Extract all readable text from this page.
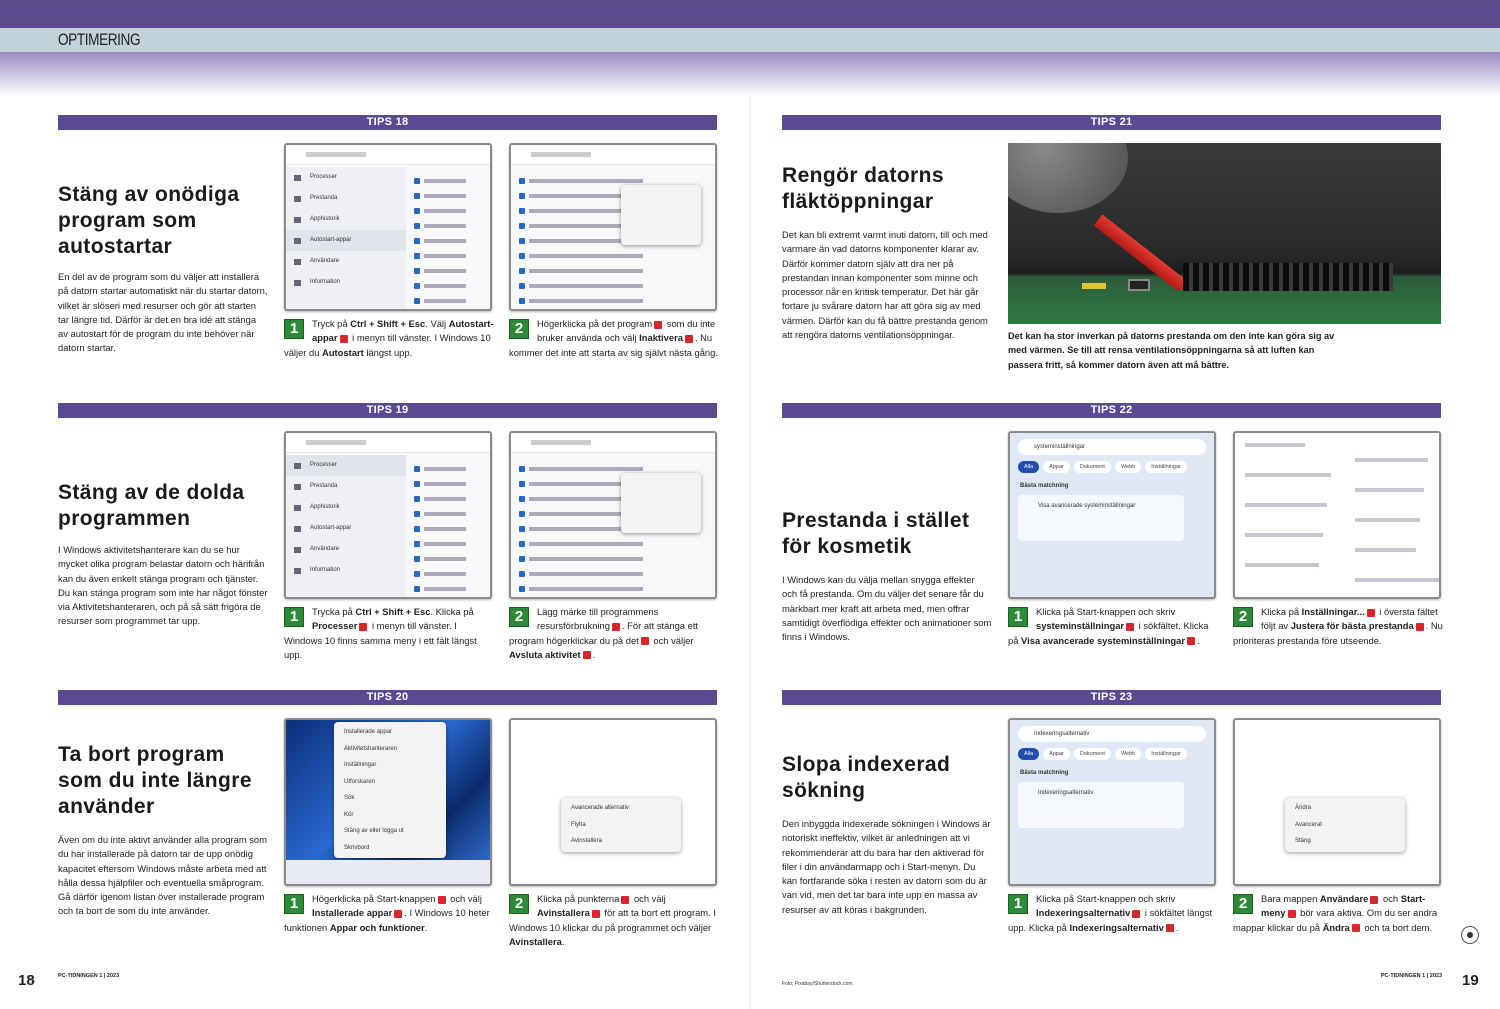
OPTIMERING
TIPS 18
Stäng av onödiga program som autostartar
En del av de program som du väljer att installera på datorn startar automatiskt när du startar datorn, vilket är slöseri med resurser och gör att starten tar längre tid. Därför är det en bra idé att stänga av autostart för de program du inte behöver när datorn startar.
Processer
Prestanda
Apphistorik
Autostart-appar
Användare
Information
1	Tryck på Ctrl + Shift + Esc. Välj Autostart-appar i menyn till vänster. I Windows 10 väljer du Autostart längst upp.
2	Högerklicka på det program som du inte bruker använda och välj Inaktivera . Nu kommer det inte att starta av sig självt nästa gång.
TIPS 19
Stäng av de dolda programmen
I Windows aktivitetshanterare kan du se hur mycket olika program belastar datorn och härifrån kan du även enkelt stänga program och tjänster. Du kan stänga program som inte har något fönster via Aktivitetshanteraren, och på så sätt frigöra de resurser som programmet tar upp.
Processer
Prestanda
Apphistorik
Autostart-appar
Användare
Information
1	Trycka på Ctrl + Shift + Esc. Klicka på Processer i menyn till vänster. I Windows 10 finns samma meny i ett fält längst upp.
2	Lägg märke till programmens resursförbrukning . För att stänga ett program högerklickar du på det och väljer Avsluta aktivitet .
TIPS 20
Ta bort program som du inte längre använder
Även om du inte aktivt använder alla program som du har installerade på datorn tar de upp onödig kapacitet eftersom Windows måste arbeta med att hålla dessa hjälpfiler och eventuella småprogram. Gå därför igenom listan över installerade program och ta bort de som du inte använder.
Installerade appar
Aktivitetshanteraren
Inställningar
Utforskaren
Sök
Kör
Stäng av eller logga ut
Skrivbord
Avancerade alternativ
Flytta
Avinstallera
1	Högerklicka på Start-knappen och välj Installerade appar . I Windows 10 heter funktionen Appar och funktioner.
2	Klicka på punkterna och välj Avinstallera för att ta bort ett program. I Windows 10 klickar du på programmet och väljer Avinstallera.
TIPS 21
Rengör datorns fläktöppningar
Det kan bli extremt varmt inuti datorn, till och med varmare än vad datorns komponenter klarar av. Därför kommer datorn själv att dra ner på prestandan innan komponenter som minne och processor når en kritisk temperatur. Det här går fortare ju svårare datorn har att göra sig av med värmen. Därför kan du få bättre prestanda genom att rengöra datorns ventilationsöppningar.	Det kan ha stor inverkan på datorns prestanda om den inte kan göra sig av med värmen. Se till att rensa ventilationsöppningarna så att luften kan passera fritt, så kommer datorn även att må bättre.
TIPS 22
Prestanda i stället för kosmetik
I Windows kan du välja mellan snygga effekter och få prestanda. Om du väljer det senare får du märkbart mer kraft att arbeta med, men offrar samtidigt överflödiga effekter och animationer som finns i Windows.
systeminställningar
Alla	Appar	Dokument	Webb	Inställningar
Bästa matchning
Visa avancerade systeminställningar
1	Klicka på Start-knappen och skriv systeminställningar i sökfältet. Klicka på Visa avancerade systeminställningar .
2	Klicka på Inställningar... i översta fältet följt av Justera för bästa prestanda . Nu prioriteras prestanda före utseende.
TIPS 23
Slopa indexerad sökning
Den inbyggda indexerade sökningen i Windows är notoriskt ineffektiv, vilket är anledningen att vi rekommenderar att du bara har den aktiverad för filer i din användarmapp och i Start-menyn. Du kan fortfarande söka i resten av datorn som du är van vid, men det tar bara inte upp en massa av resurser av att köras i bakgrunden.
Indexeringsalternativ
Alla	Appar	Dokument	Webb	Inställningar
Bästa matchning
Indexeringsalternativ
Ändra
Avancerat
Stäng
1	Klicka på Start-knappen och skriv Indexeringsalternativ i sökfältet längst upp. Klicka på Indexeringsalternativ .
2	Bara mappen Användare och Start-meny bör vara aktiva. Om du ser andra mappar klickar du på Ändra och ta bort dem.
18	PC-TIDNINGEN 1 | 2023
Foto: Pixabay/Shutterstock.com
PC-TIDNINGEN 1 | 2023 19
